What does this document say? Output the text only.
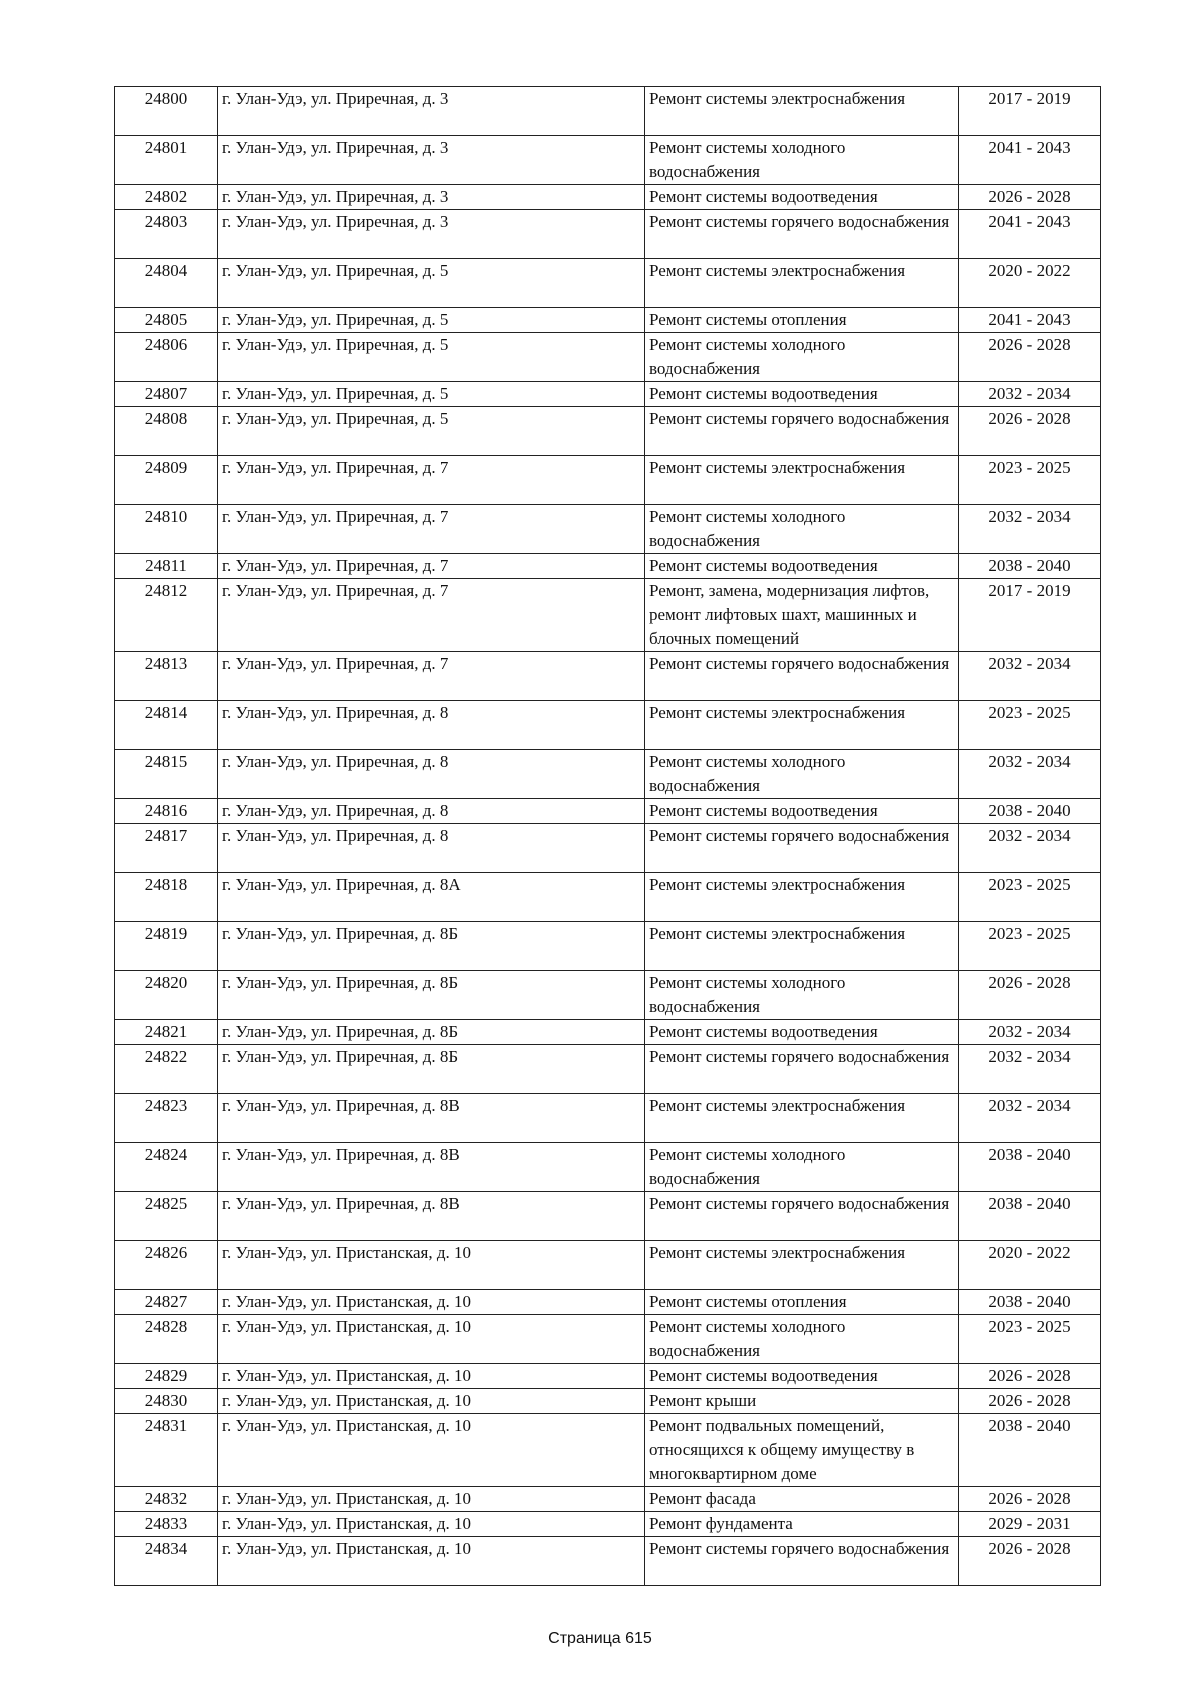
24800	г. Улан-Удэ, ул. Приречная, д. 3	Ремонт системы электроснабжения	2017 - 2019
24801	г. Улан-Удэ, ул. Приречная, д. 3	Ремонт системы холодного водоснабжения	2041 - 2043
24802	г. Улан-Удэ, ул. Приречная, д. 3	Ремонт системы водоотведения	2026 - 2028
24803	г. Улан-Удэ, ул. Приречная, д. 3	Ремонт системы горячего водоснабжения	2041 - 2043
24804	г. Улан-Удэ, ул. Приречная, д. 5	Ремонт системы электроснабжения	2020 - 2022
24805	г. Улан-Удэ, ул. Приречная, д. 5	Ремонт системы отопления	2041 - 2043
24806	г. Улан-Удэ, ул. Приречная, д. 5	Ремонт системы холодного водоснабжения	2026 - 2028
24807	г. Улан-Удэ, ул. Приречная, д. 5	Ремонт системы водоотведения	2032 - 2034
24808	г. Улан-Удэ, ул. Приречная, д. 5	Ремонт системы горячего водоснабжения	2026 - 2028
24809	г. Улан-Удэ, ул. Приречная, д. 7	Ремонт системы электроснабжения	2023 - 2025
24810	г. Улан-Удэ, ул. Приречная, д. 7	Ремонт системы холодного водоснабжения	2032 - 2034
24811	г. Улан-Удэ, ул. Приречная, д. 7	Ремонт системы водоотведения	2038 - 2040
24812	г. Улан-Удэ, ул. Приречная, д. 7	Ремонт, замена, модернизация лифтов, ремонт лифтовых шахт, машинных и блочных помещений	2017 - 2019
24813	г. Улан-Удэ, ул. Приречная, д. 7	Ремонт системы горячего водоснабжения	2032 - 2034
24814	г. Улан-Удэ, ул. Приречная, д. 8	Ремонт системы электроснабжения	2023 - 2025
24815	г. Улан-Удэ, ул. Приречная, д. 8	Ремонт системы холодного водоснабжения	2032 - 2034
24816	г. Улан-Удэ, ул. Приречная, д. 8	Ремонт системы водоотведения	2038 - 2040
24817	г. Улан-Удэ, ул. Приречная, д. 8	Ремонт системы горячего водоснабжения	2032 - 2034
24818	г. Улан-Удэ, ул. Приречная, д. 8А	Ремонт системы электроснабжения	2023 - 2025
24819	г. Улан-Удэ, ул. Приречная, д. 8Б	Ремонт системы электроснабжения	2023 - 2025
24820	г. Улан-Удэ, ул. Приречная, д. 8Б	Ремонт системы холодного водоснабжения	2026 - 2028
24821	г. Улан-Удэ, ул. Приречная, д. 8Б	Ремонт системы водоотведения	2032 - 2034
24822	г. Улан-Удэ, ул. Приречная, д. 8Б	Ремонт системы горячего водоснабжения	2032 - 2034
24823	г. Улан-Удэ, ул. Приречная, д. 8В	Ремонт системы электроснабжения	2032 - 2034
24824	г. Улан-Удэ, ул. Приречная, д. 8В	Ремонт системы холодного водоснабжения	2038 - 2040
24825	г. Улан-Удэ, ул. Приречная, д. 8В	Ремонт системы горячего водоснабжения	2038 - 2040
24826	г. Улан-Удэ, ул. Пристанская, д. 10	Ремонт системы электроснабжения	2020 - 2022
24827	г. Улан-Удэ, ул. Пристанская, д. 10	Ремонт системы отопления	2038 - 2040
24828	г. Улан-Удэ, ул. Пристанская, д. 10	Ремонт системы холодного водоснабжения	2023 - 2025
24829	г. Улан-Удэ, ул. Пристанская, д. 10	Ремонт системы водоотведения	2026 - 2028
24830	г. Улан-Удэ, ул. Пристанская, д. 10	Ремонт крыши	2026 - 2028
24831	г. Улан-Удэ, ул. Пристанская, д. 10	Ремонт подвальных помещений, относящихся к общему имуществу в многоквартирном доме	2038 - 2040
24832	г. Улан-Удэ, ул. Пристанская, д. 10	Ремонт фасада	2026 - 2028
24833	г. Улан-Удэ, ул. Пристанская, д. 10	Ремонт фундамента	2029 - 2031
24834	г. Улан-Удэ, ул. Пристанская, д. 10	Ремонт системы горячего водоснабжения	2026 - 2028
Страница 615
